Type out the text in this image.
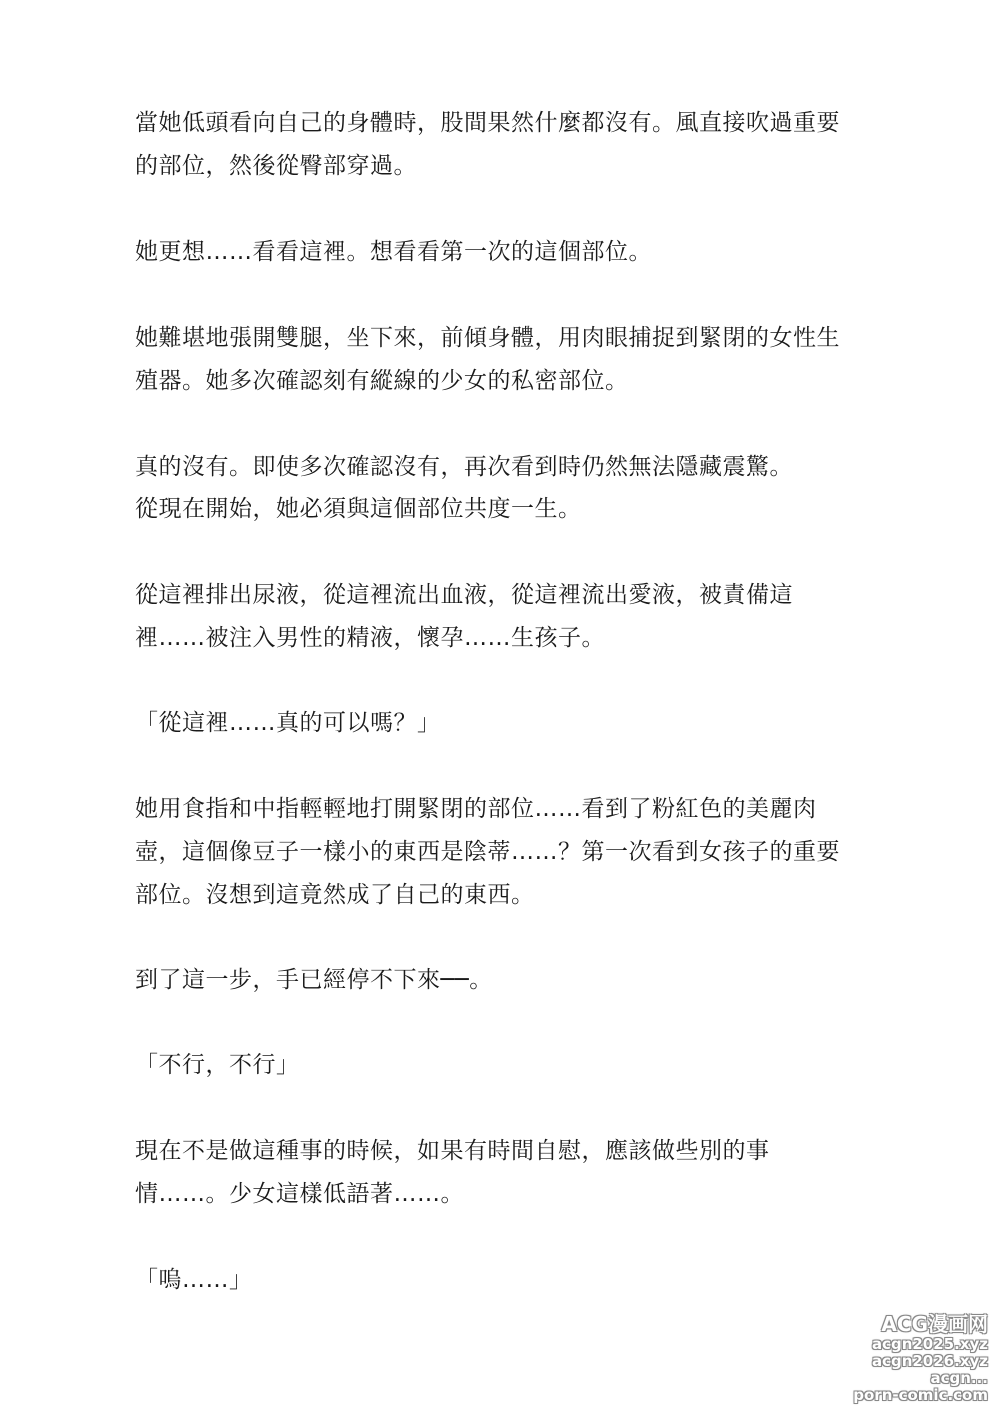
當她低頭看向自己的身體時，股間果然什麼都沒有。風直接吹過重要
的部位，然後從臀部穿過。
她更想……看看這裡。想看看第一次的這個部位。
她難堪地張開雙腿，坐下來，前傾身體，用肉眼捕捉到緊閉的女性生
殖器。她多次確認刻有縱線的少女的私密部位。
真的沒有。即使多次確認沒有，再次看到時仍然無法隱藏震驚。
從現在開始，她必須與這個部位共度一生。
從這裡排出尿液，從這裡流出血液，從這裡流出愛液，被責備這
裡……被注入男性的精液，懷孕……生孩子。
「從這裡……真的可以嗎？」
她用食指和中指輕輕地打開緊閉的部位……看到了粉紅色的美麗肉
壺，這個像豆子一樣小的東西是陰蒂……？第一次看到女孩子的重要
部位。沒想到這竟然成了自己的東西。
到了這一步，手已經停不下來──。
「不行，不行」
現在不是做這種事的時候，如果有時間自慰，應該做些別的事
情……。少女這樣低語著……。
「嗚……」
ACG漫画网
acgn2025.xyz
acgn2026.xyz
acgn...
porn-comic.com
